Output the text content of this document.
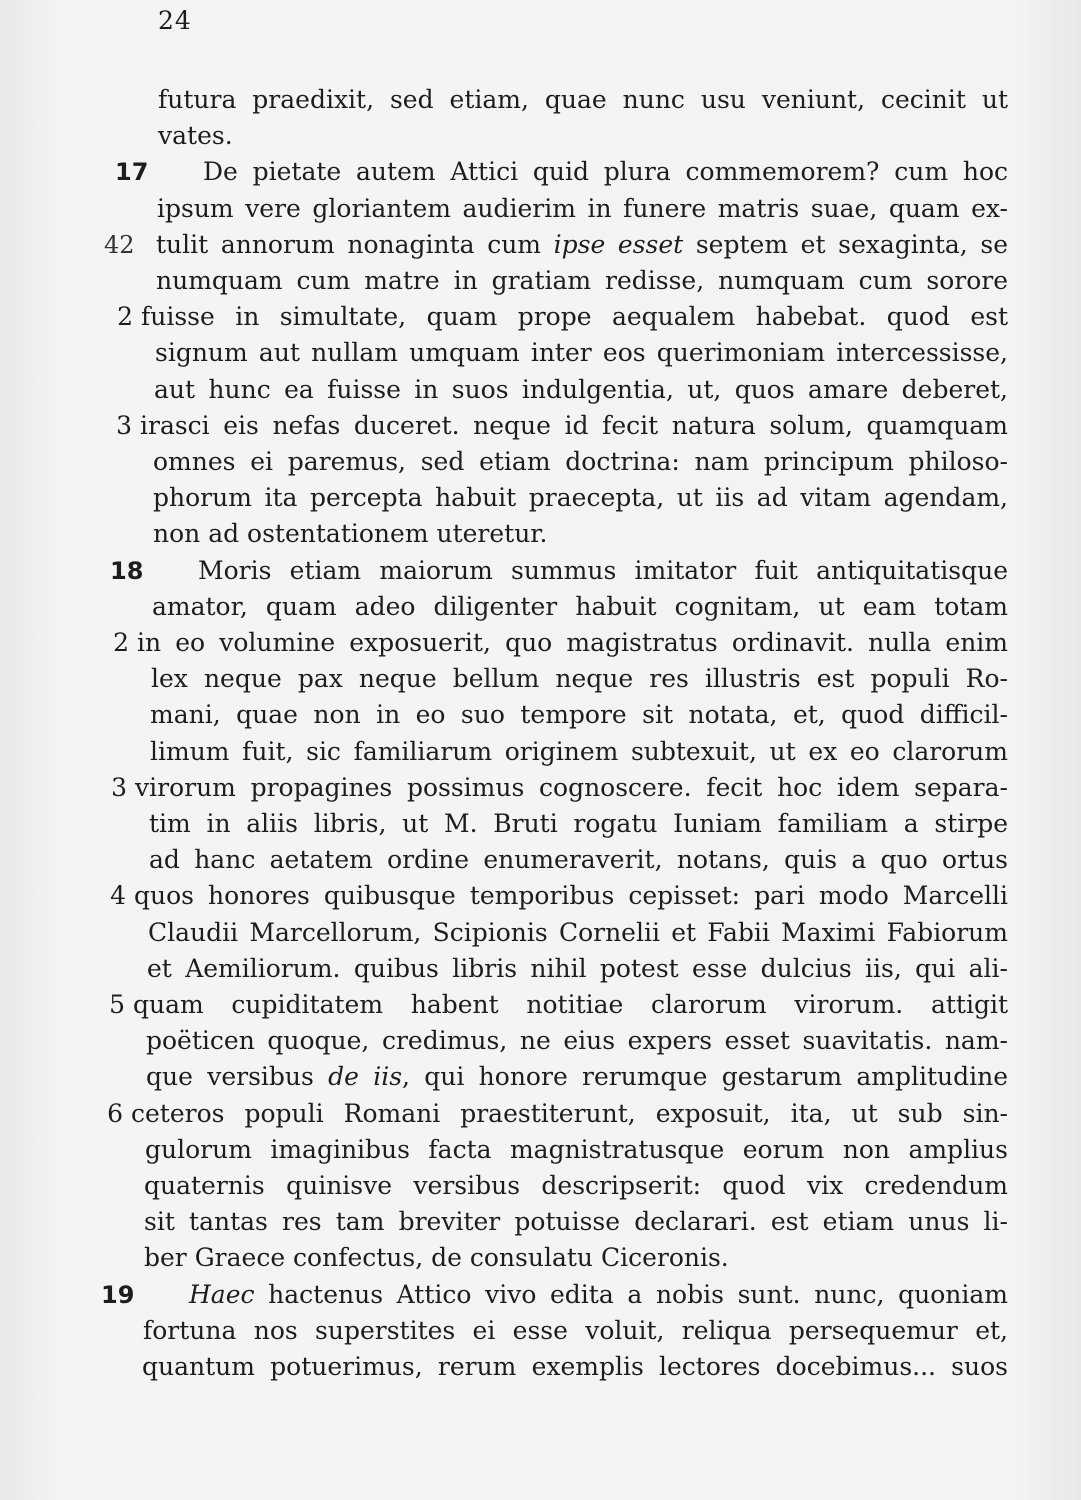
24
futura praedixit, sed etiam, quae nunc usu veniunt, cecinit ut
vates.
De pietate autem Attici quid plura commemorem? cum hoc
17
ipsum vere gloriantem audierim in funere matris suae, quam ex-
tulit annorum nonaginta cum ipse esset septem et sexaginta, se
42
numquam cum matre in gratiam redisse, numquam cum sorore
fuisse in simultate, quam prope aequalem habebat. quod est
2
signum aut nullam umquam inter eos querimoniam intercessisse,
aut hunc ea fuisse in suos indulgentia, ut, quos amare deberet,
irasci eis nefas duceret. neque id fecit natura solum, quamquam
3
omnes ei paremus, sed etiam doctrina: nam principum philoso-
phorum ita percepta habuit praecepta, ut iis ad vitam agendam,
non ad ostentationem uteretur.
Moris etiam maiorum summus imitator fuit antiquitatisque
18
amator, quam adeo diligenter habuit cognitam, ut eam totam
in eo volumine exposuerit, quo magistratus ordinavit. nulla enim
2
lex neque pax neque bellum neque res illustris est populi Ro-
mani, quae non in eo suo tempore sit notata, et, quod difficil-
limum fuit, sic familiarum originem subtexuit, ut ex eo clarorum
virorum propagines possimus cognoscere. fecit hoc idem separa-
3
tim in aliis libris, ut M. Bruti rogatu Iuniam familiam a stirpe
ad hanc aetatem ordine enumeraverit, notans, quis a quo ortus
quos honores quibusque temporibus cepisset: pari modo Marcelli
4
Claudii Marcellorum, Scipionis Cornelii et Fabii Maximi Fabiorum
et Aemiliorum. quibus libris nihil potest esse dulcius iis, qui ali-
quam cupiditatem habent notitiae clarorum virorum. attigit
5
poëticen quoque, credimus, ne eius expers esset suavitatis. nam-
que versibus de iis, qui honore rerumque gestarum amplitudine
ceteros populi Romani praestiterunt, exposuit, ita, ut sub sin-
6
gulorum imaginibus facta magnistratusque eorum non amplius
quaternis quinisve versibus descripserit: quod vix credendum
sit tantas res tam breviter potuisse declarari. est etiam unus li-
ber Graece confectus, de consulatu Ciceronis.
Haec hactenus Attico vivo edita a nobis sunt. nunc, quoniam
19
fortuna nos superstites ei esse voluit, reliqua persequemur et,
quantum potuerimus, rerum exemplis lectores docebimus... suos
